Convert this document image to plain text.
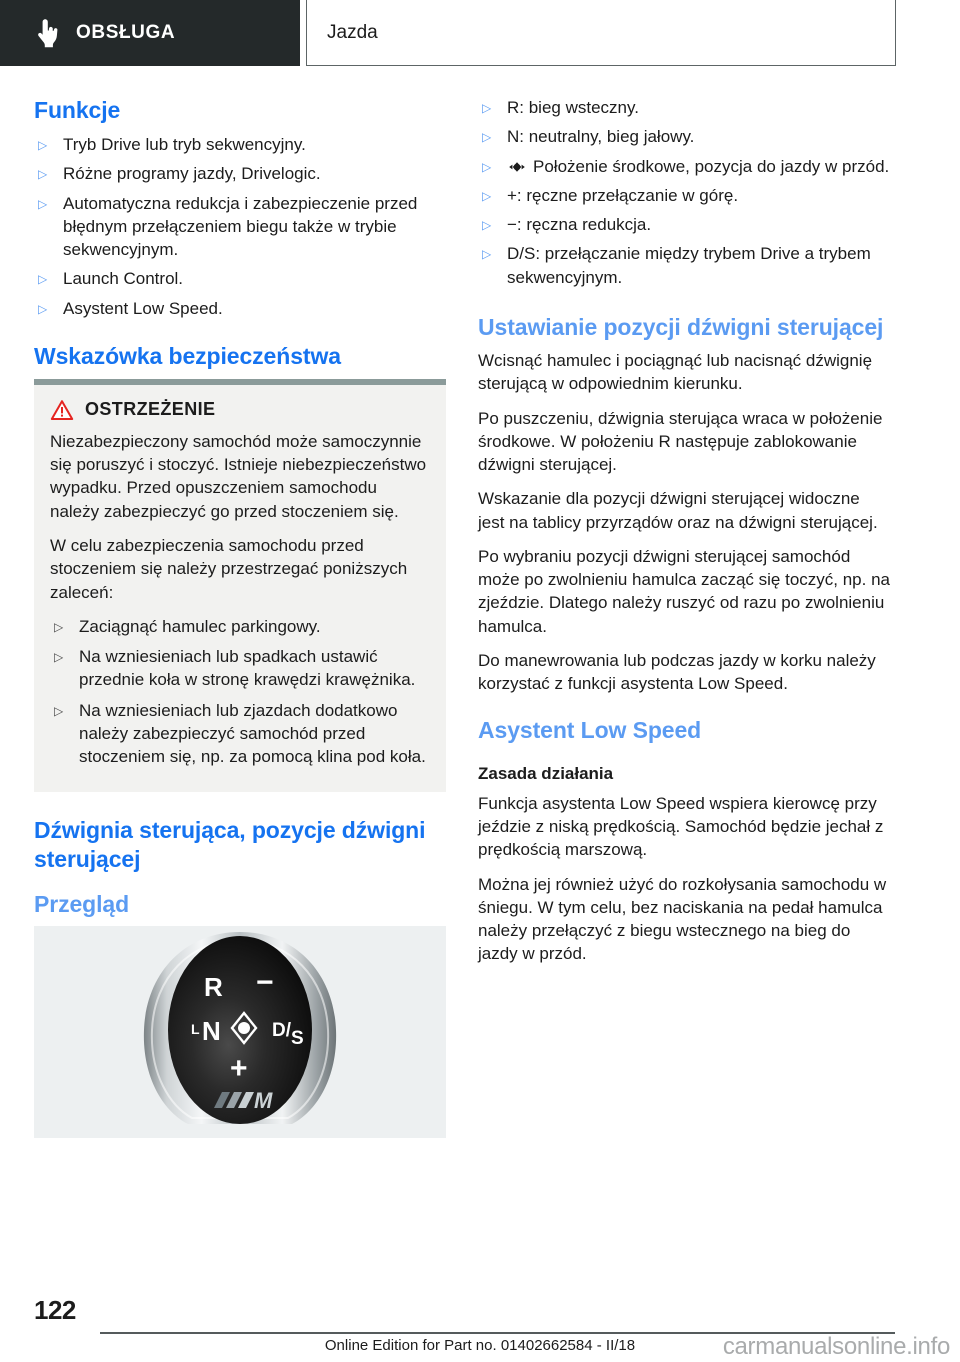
OBSŁUGA	Jazda
Funkcje
▷ Tryb Drive lub tryb sekwencyjny.
▷ Różne programy jazdy, Drivelogic.
▷ Automatyczna redukcja i zabezpieczenie przed błędnym przełączeniem biegu także w trybie sekwencyjnym.
▷ Launch Control.
▷ Asystent Low Speed.
Wskazówka bezpieczeństwa
OSTRZEŻENIE

Niezabezpieczony samochód może samoczynnie się poruszyć i stoczyć. Istnieje niebezpieczeństwo wypadku. Przed opuszczeniem samochodu należy zabezpieczyć go przed stoczeniem się.

W celu zabezpieczenia samochodu przed stoczeniem się należy przestrzegać poniższych zaleceń:

▷ Zaciągnąć hamulec parkingowy.
▷ Na wzniesieniach lub spadkach ustawić przednie koła w stronę krawędzi krawężnika.
▷ Na wzniesieniach lub zjazdach dodatkowo należy zabezpieczyć samochód przed stoczeniem się, np. za pomocą klina pod koła.
Dźwignia sterująca, pozycje dźwigni sterującej
Przegląd
R −
L N	D/ S
+
M
▷ R: bieg wsteczny.
▷ N: neutralny, bieg jałowy.
▷ Położenie środkowe, pozycja do jazdy w przód.
▷ +: ręczne przełączanie w górę.
▷ −: ręczna redukcja.
▷ D/S: przełączanie między trybem Drive a trybem sekwencyjnym.
Ustawianie pozycji dźwigni sterującej

Wcisnąć hamulec i pociągnąć lub nacisnąć dźwignię sterującą w odpowiednim kierunku.

Po puszczeniu, dźwignia sterująca wraca w położenie środkowe. W położeniu R następuje zablokowanie dźwigni sterującej.

Wskazanie dla pozycji dźwigni sterującej widoczne jest na tablicy przyrządów oraz na dźwigni sterującej.

Po wybraniu pozycji dźwigni sterującej samochód może po zwolnieniu hamulca zacząć się toczyć, np. na zjeździe. Dlatego należy ruszyć od razu po zwolnieniu hamulca.

Do manewrowania lub podczas jazdy w korku należy korzystać z funkcji asystenta Low Speed.

Asystent Low Speed
Zasada działania

Funkcja asystenta Low Speed wspiera kierowcę przy jeździe z niską prędkością. Samochód będzie jechał z prędkością marszową.

Można jej również użyć do rozkołysania samochodu w śniegu. W tym celu, bez naciskania na pedał hamulca należy przełączyć z biegu wstecznego na bieg do jazdy w przód.

122
Online Edition for Part no. 01402662584 - II/18	carmanualsonline.info
